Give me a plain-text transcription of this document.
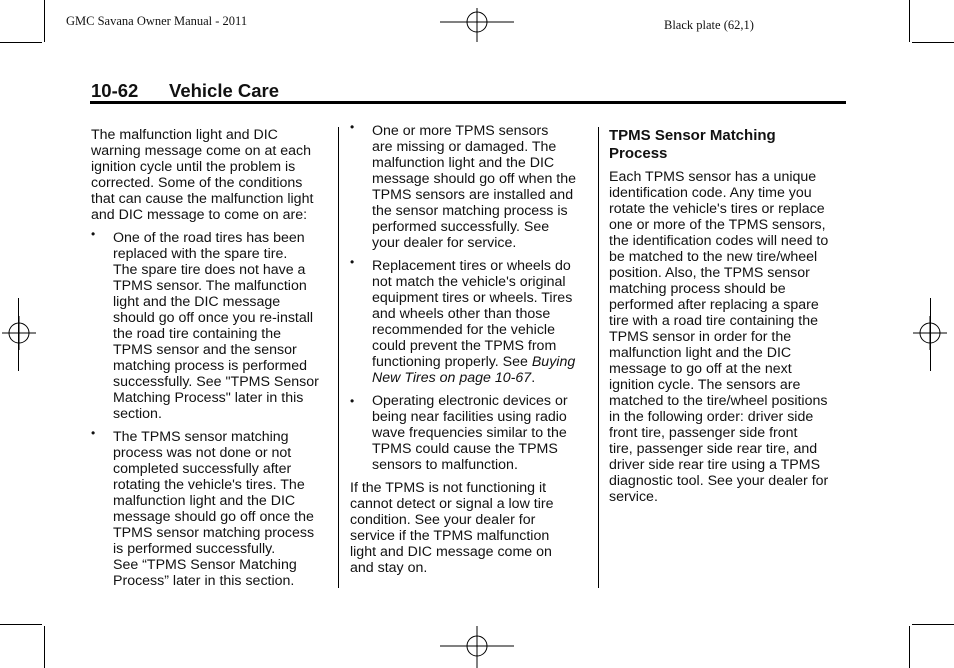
GMC Savana Owner Manual - 2011	Black plate (62,1)
10-62 Vehicle Care

The malfunction light and DIC
warning message come on at each
ignition cycle until the problem is
corrected. Some of the conditions
that can cause the malfunction light
and DIC message to come on are:

• One of the road tires has been
replaced with the spare tire.
The spare tire does not have a
TPMS sensor. The malfunction
light and the DIC message
should go off once you re-install
the road tire containing the
TPMS sensor and the sensor
matching process is performed
successfully. See "TPMS Sensor
Matching Process" later in this
section.
• The TPMS sensor matching
process was not done or not
completed successfully after
rotating the vehicle's tires. The
malfunction light and the DIC
message should go off once the
TPMS sensor matching process
is performed successfully.
See “TPMS Sensor Matching
Process” later in this section.
• One or more TPMS sensors
are missing or damaged. The
malfunction light and the DIC
message should go off when the
TPMS sensors are installed and
the sensor matching process is
performed successfully. See
your dealer for service.
• Replacement tires or wheels do
not match the vehicle's original
equipment tires or wheels. Tires
and wheels other than those
recommended for the vehicle
could prevent the TPMS from
functioning properly. See Buying
New Tires on page 10-67.
• Operating electronic devices or
being near facilities using radio
wave frequencies similar to the
TPMS could cause the TPMS
sensors to malfunction.

If the TPMS is not functioning it
cannot detect or signal a low tire
condition. See your dealer for
service if the TPMS malfunction
light and DIC message come on
and stay on.

TPMS Sensor Matching
Process

Each TPMS sensor has a unique
identification code. Any time you
rotate the vehicle's tires or replace
one or more of the TPMS sensors,
the identification codes will need to
be matched to the new tire/wheel
position. Also, the TPMS sensor
matching process should be
performed after replacing a spare
tire with a road tire containing the
TPMS sensor in order for the
malfunction light and the DIC
message to go off at the next
ignition cycle. The sensors are
matched to the tire/wheel positions
in the following order: driver side
front tire, passenger side front
tire, passenger side rear tire, and
driver side rear tire using a TPMS
diagnostic tool. See your dealer for
service.
